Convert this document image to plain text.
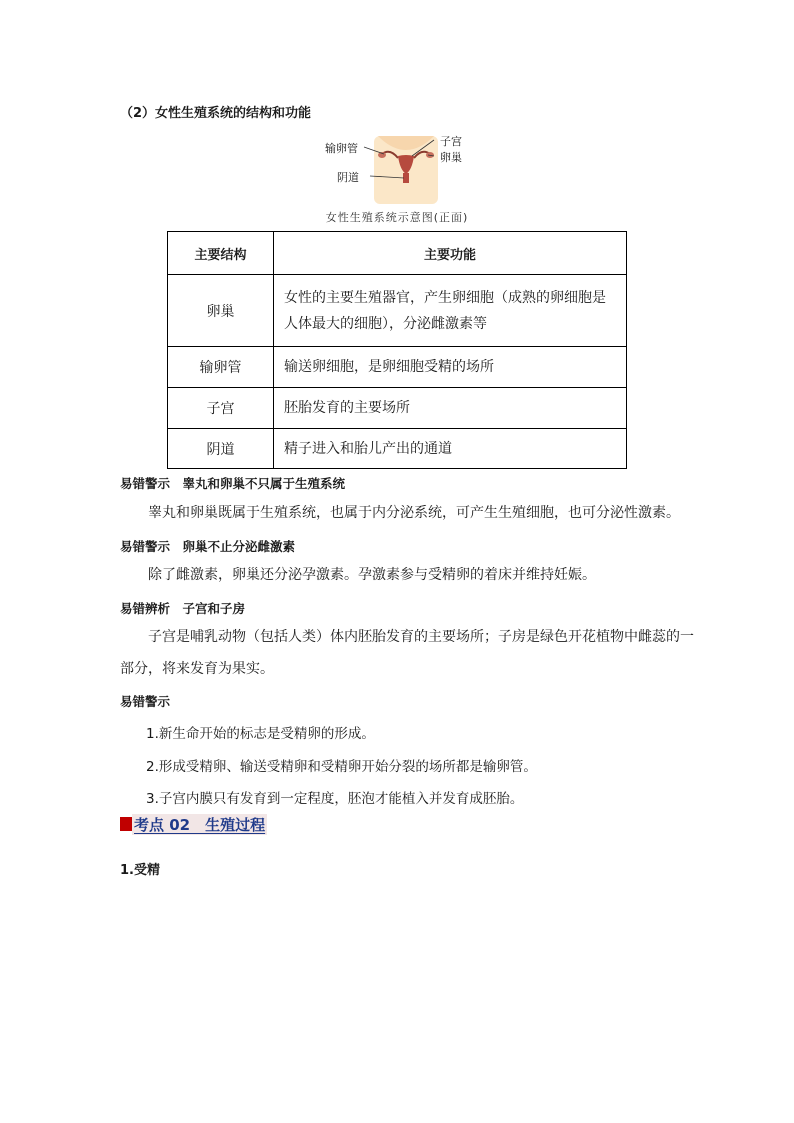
（2）女性生殖系统的结构和功能
输卵管
子宫
卵巢
阴道
女性生殖系统示意图(正面)
主要结构	主要功能
卵巢	女性的主要生殖器官，产生卵细胞（成熟的卵细胞是人体最大的细胞），分泌雌激素等
输卵管	输送卵细胞，是卵细胞受精的场所
子宫	胚胎发育的主要场所
阴道	精子进入和胎儿产出的通道
易错警示　睾丸和卵巢不只属于生殖系统
睾丸和卵巢既属于生殖系统，也属于内分泌系统，可产生生殖细胞，也可分泌性激素。
易错警示　卵巢不止分泌雌激素
除了雌激素，卵巢还分泌孕激素。孕激素参与受精卵的着床并维持妊娠。
易错辨析　子宫和子房
子宫是哺乳动物（包括人类）体内胚胎发育的主要场所；子房是绿色开花植物中雌蕊的一部分，将来发育为果实。
易错警示
1.新生命开始的标志是受精卵的形成。
2.形成受精卵、输送受精卵和受精卵开始分裂的场所都是输卵管。
3.子宫内膜只有发育到一定程度，胚泡才能植入并发育成胚胎。
考点 02　生殖过程
1.受精
